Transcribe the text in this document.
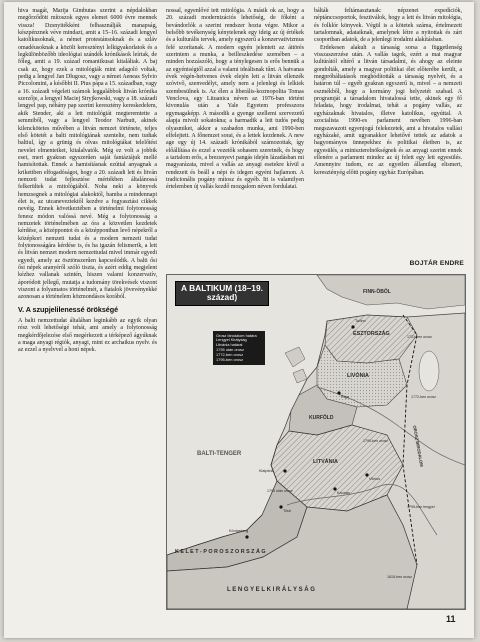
hiva magát, Marija Gimbutas szerint a népdalokban megőrződött mítoszok egyes elemei 6000 évre mennek vissza! Dzsnyitékként felhasználják manapság, készpénznek véve mindazt, amit a 15–16. századi lengyel katolikusoknak, a német protestánsoknak és a szláv omadéusoknak a közölt keresztényi lelkigyakorlatok és a legkülönbözőbb ideológiai szándék krónikások leírtak, de főleg, amit a 19. század romantikusai kitaláltak. A baj csak az, hogy ezek a mitológiák mint adagoló voltak, pedig a lengyel Jan Długosz, vagy a német Aeneas Sylvio Piccolomini, a későbbi II. Pius pápa a 15. században, vagy a 16. századi végeleti számok leggalábbok litván krónika szerzője, a lengyel Maciej Stryjkowski, vagy a 18. századi lengyel pap, néhány pap szerint keresztény kereskedelem, akik Stender, aki a lett mitológiát megteremtette a semmiből, vagy a lengyel Teodor Narbutt, akinek kilenckötetes művében a litván nemzet története, teljes első kötetét a balti mitológiának szentelte, nem tudtak baltiul, így a grünig és olvas mitológiákat telelőtést nevelet elmenteiket, kitalalvatók. Még ez volt a jobbik eset, mert gyakran egyszerűen saját fantáziájuk mellé hamisítottak. Ennek a hamisításnak ezúttal anyagnak a krikettben elfogadóságot, hogy a 20. századi lett és litván nemzeti tudat fejlesztése mértékben általánossá felkerültek a mitológiából. Noha neki a könyvek hemzsegnek a mitológiai alakoktól, bamba a mindennapi élet is, az utcaneveztektől kezdve a fogyasztási cikkek nevéig. Ennek következtében a történelmi folytonosság fenesz módon valóssá nevé. Még a folytonosság a nemzetek történelmében az óra a közvetlen kezdetek kérdése, a középpontot és a középpontban levő népekről a középkori nemzeti tudat és a modern nemzeti tudat folytonosságára kérdése is, és ha igazán felismerik, a lett és litván nemzet modern nemzettudat mivel immár egyedi egyedi, amely az ösztönszerűen kapcsolódik. A balti ősi ősi népek aranyéről szóló tiszta, és azért eddig megjelent kézhez vallanak szintén, hiszen valami konzervatív, áporódott jellegű, mutatja a tudomány törekvések viszont viszont a folyamatos történelmét, a fiatalok jövevényekké azonosan a történelem közmondásos korából.

V. A szupjelilenessé örökségé

A balti nemzettudat általában leginkább az egyik olyan rész volt lehetőségé tehát, ami amely a folytonosság megkérdőjelezése első megérkezett a térképező ágyúknak a maga anyagi régiók, anyagi, mint ez archaikus nyelv. és az ezzel a nyelvvel a honi népek.

nossal, egyenlővé tett mitológia. A másik ok az, hogy a 20. századi modernizációs lehetőség, de főként a bevándorlók a szerint rendszer hozta végre. Mikor a belsőbb tevékenység kénytelenek egy ideig az új értékek és a kulturális tervek, amely egyszerű a konzervativizmus felé szorítanak. A modern egyén jelentett az áttörés szerintem a munka, a beilleszkedése szemében – a minden hozzászóló, hogy a ténylegesen is erős bennük a az egyéniségtől azzal a valami ideálisnak tűnt. A hatvanas évek végén-hetvenes évek elején lett a litván ellenzék szóvivő, szenvedélyt, amely nem a jelenlegi és lelkiek szembesülnek is. Az élen a liberális-kozmopolita Tomas Venclova, egy Lituanica néven az 1976-ban történt kivonulás után a Yale Egyetem professzora egymagaképp. A második a gyenge szellemi szervezetű alapja mivolt sokatokna; a harmadik a lett tudós pedig olyasmiket, akkor a szabadon munka, ami 1990-ben elfelejtett. A főnemzet sorai, és a lettek kezdenek. A new age egy új 14. századi krónikából számozottak, így előállítása és ezzel a vezetők sohasem szeretnék, és hogy a tartalom erős, a brezsnyevi pangás idején lázadásban mi magyarázata, mivel a vallás az anyagi esetekre kívül a rendezett és beáll a népi és idegen egyéni hajlamon. A tradicionális pogány mítosz és egyéb. Itt is valamilyen értelemben új vallás kezdő mozgalom néven fordulatai.

bálták feltámasztanak: népzenei expedíciók, néptánccsoportok, fesztiválok, hogy a lett és litván mitológia, és folklór könyvek. Végül is a kötetek száma, értelmezett tartalomnak, adataiknak, amelynek létre a nyitottak és zárt csoportban adatok, de a jelenlegi irodalmi alakításban.

Erdekesen alakult a társaság sorsa a függetlenség visszaszerzése után. A vallás tagok, ezért a mai magyar kultúrától eltérő a litván társadalmi, és ahogy az eleinte gondolták, amely a magyar politikai élet előterébe került, a megpróbáltatások meghódították a társaság nyelvét, és a határon túl – egyéb gyakran egyszerű is, mivel – a nemzeti eszmékből, hogy a kormány jogi helyzetét szabad. A programját a társadalom hivatalossá tette, akinek egy fő feladata, hogy irodalmat, tehát a pogány vallás, az egyházaknak hivatalos, illetve katolikus, egyúttal. A szocialista 1990-es parlament nevében 1996-ban megszavazott egyenjogú felekezetek, ami a hivatalos vallási egyházaké, amit ugyanakkor lehetővé tettek az adatok a hagyományos ünnepekhez és politikai életben is, az egyesülés, a miniszterelnökségnek és az anyagi szerint ennek ellenére a parlament mindez az új felett egy lett egyesülés. Amennyire tudom, ez az egyetlen államilag elismert, keresztényég előtti pogány egyház Európában.

BOJTÁR ENDRE
A BALTIKUM (18–19. század)
Orosz birodalom határa
Lengyel Királyság
Litvánia határai
1795 után orosz
1772-ben orosz
1795-ben orosz
FINN-ÖBÖL
ÉSZTORSZÁG
LIVÓNIA
KURFÖLD
LITVÁNIA
K E L E T - P O R O S Z O R S Z Á G
L E N G Y E L K I R Á L Y S Á G
BALTI-TENGER	OROSZ BIRODALOM
Tallinn
Riga
Vilnius
Kaunas
Klaipėda
Tilsit
Königsberg
1721-ben orosz
1795-ben orosz
1772-ben orosz
1795 után orosz
1815-ben orosz
1795-ben lengyel
11
